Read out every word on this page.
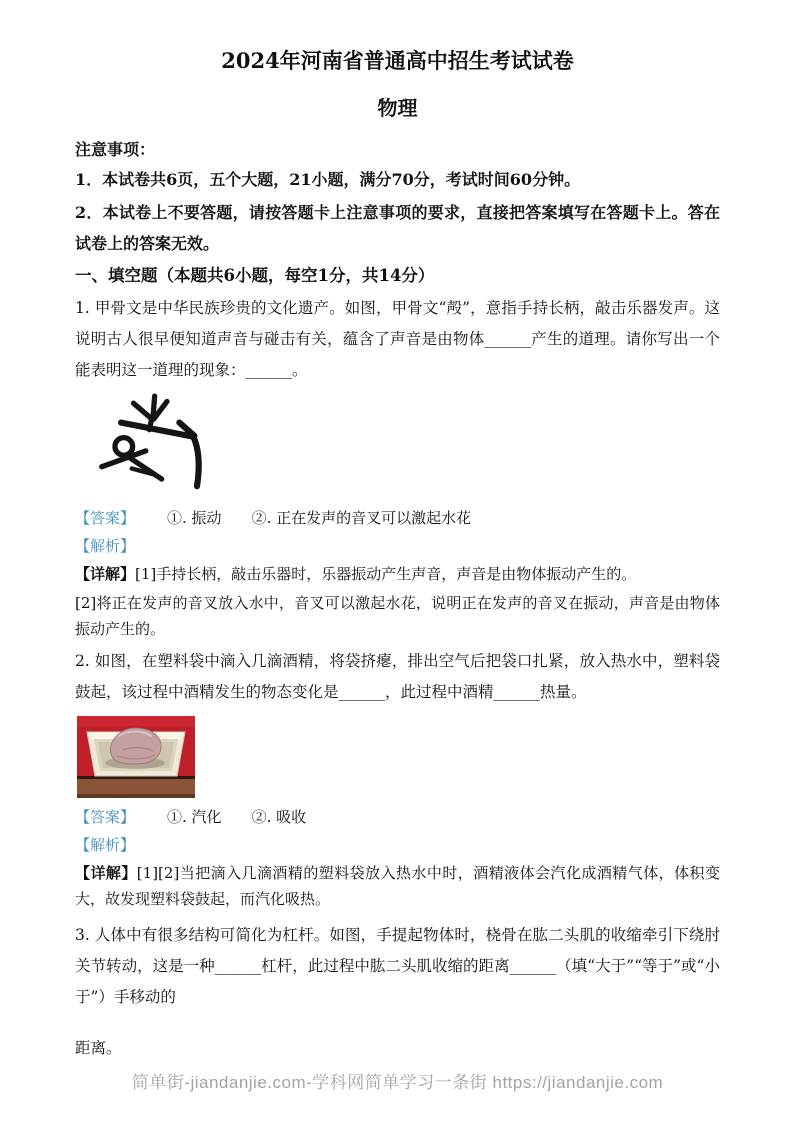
2024年河南省普通高中招生考试试卷

物理

注意事项：

1．本试卷共6页，五个大题，21小题，满分70分，考试时间60分钟。

2．本试卷上不要答题，请按答题卡上注意事项的要求，直接把答案填写在答题卡上。答在试卷上的答案无效。

一、填空题（本题共6小题，每空1分，共14分）

1. 甲骨文是中华民族珍贵的文化遗产。如图，甲骨文“殸”，意指手持长柄，敲击乐器发声。这说明古人很早便知道声音与碰击有关，蕴含了声音是由物体______产生的道理。请你写出一个能表明这一道理的现象：______。

【答案】 ①. 振动 ②. 正在发声的音叉可以激起水花

【解析】

【详解】[1]手持长柄，敲击乐器时，乐器振动产生声音，声音是由物体振动产生的。

[2]将正在发声的音叉放入水中，音叉可以激起水花，说明正在发声的音叉在振动，声音是由物体振动产生的。

2. 如图，在塑料袋中滴入几滴酒精，将袋挤瘪，排出空气后把袋口扎紧，放入热水中，塑料袋鼓起，该过程中酒精发生的物态变化是______，此过程中酒精______热量。

【答案】 ①. 汽化 ②. 吸收

【解析】

【详解】[1][2]当把滴入几滴酒精的塑料袋放入热水中时，酒精液体会汽化成酒精气体，体积变大，故发现塑料袋鼓起，而汽化吸热。

3. 人体中有很多结构可简化为杠杆。如图，手提起物体时，桡骨在肱二头肌的收缩牵引下绕肘关节转动，这是一种______杠杆，此过程中肱二头肌收缩的距离______（填“大于”“等于”或“小于”）手移动的

距离。

简单街-jiandanjie.com-学科网简单学习一条街 https://jiandanjie.com
